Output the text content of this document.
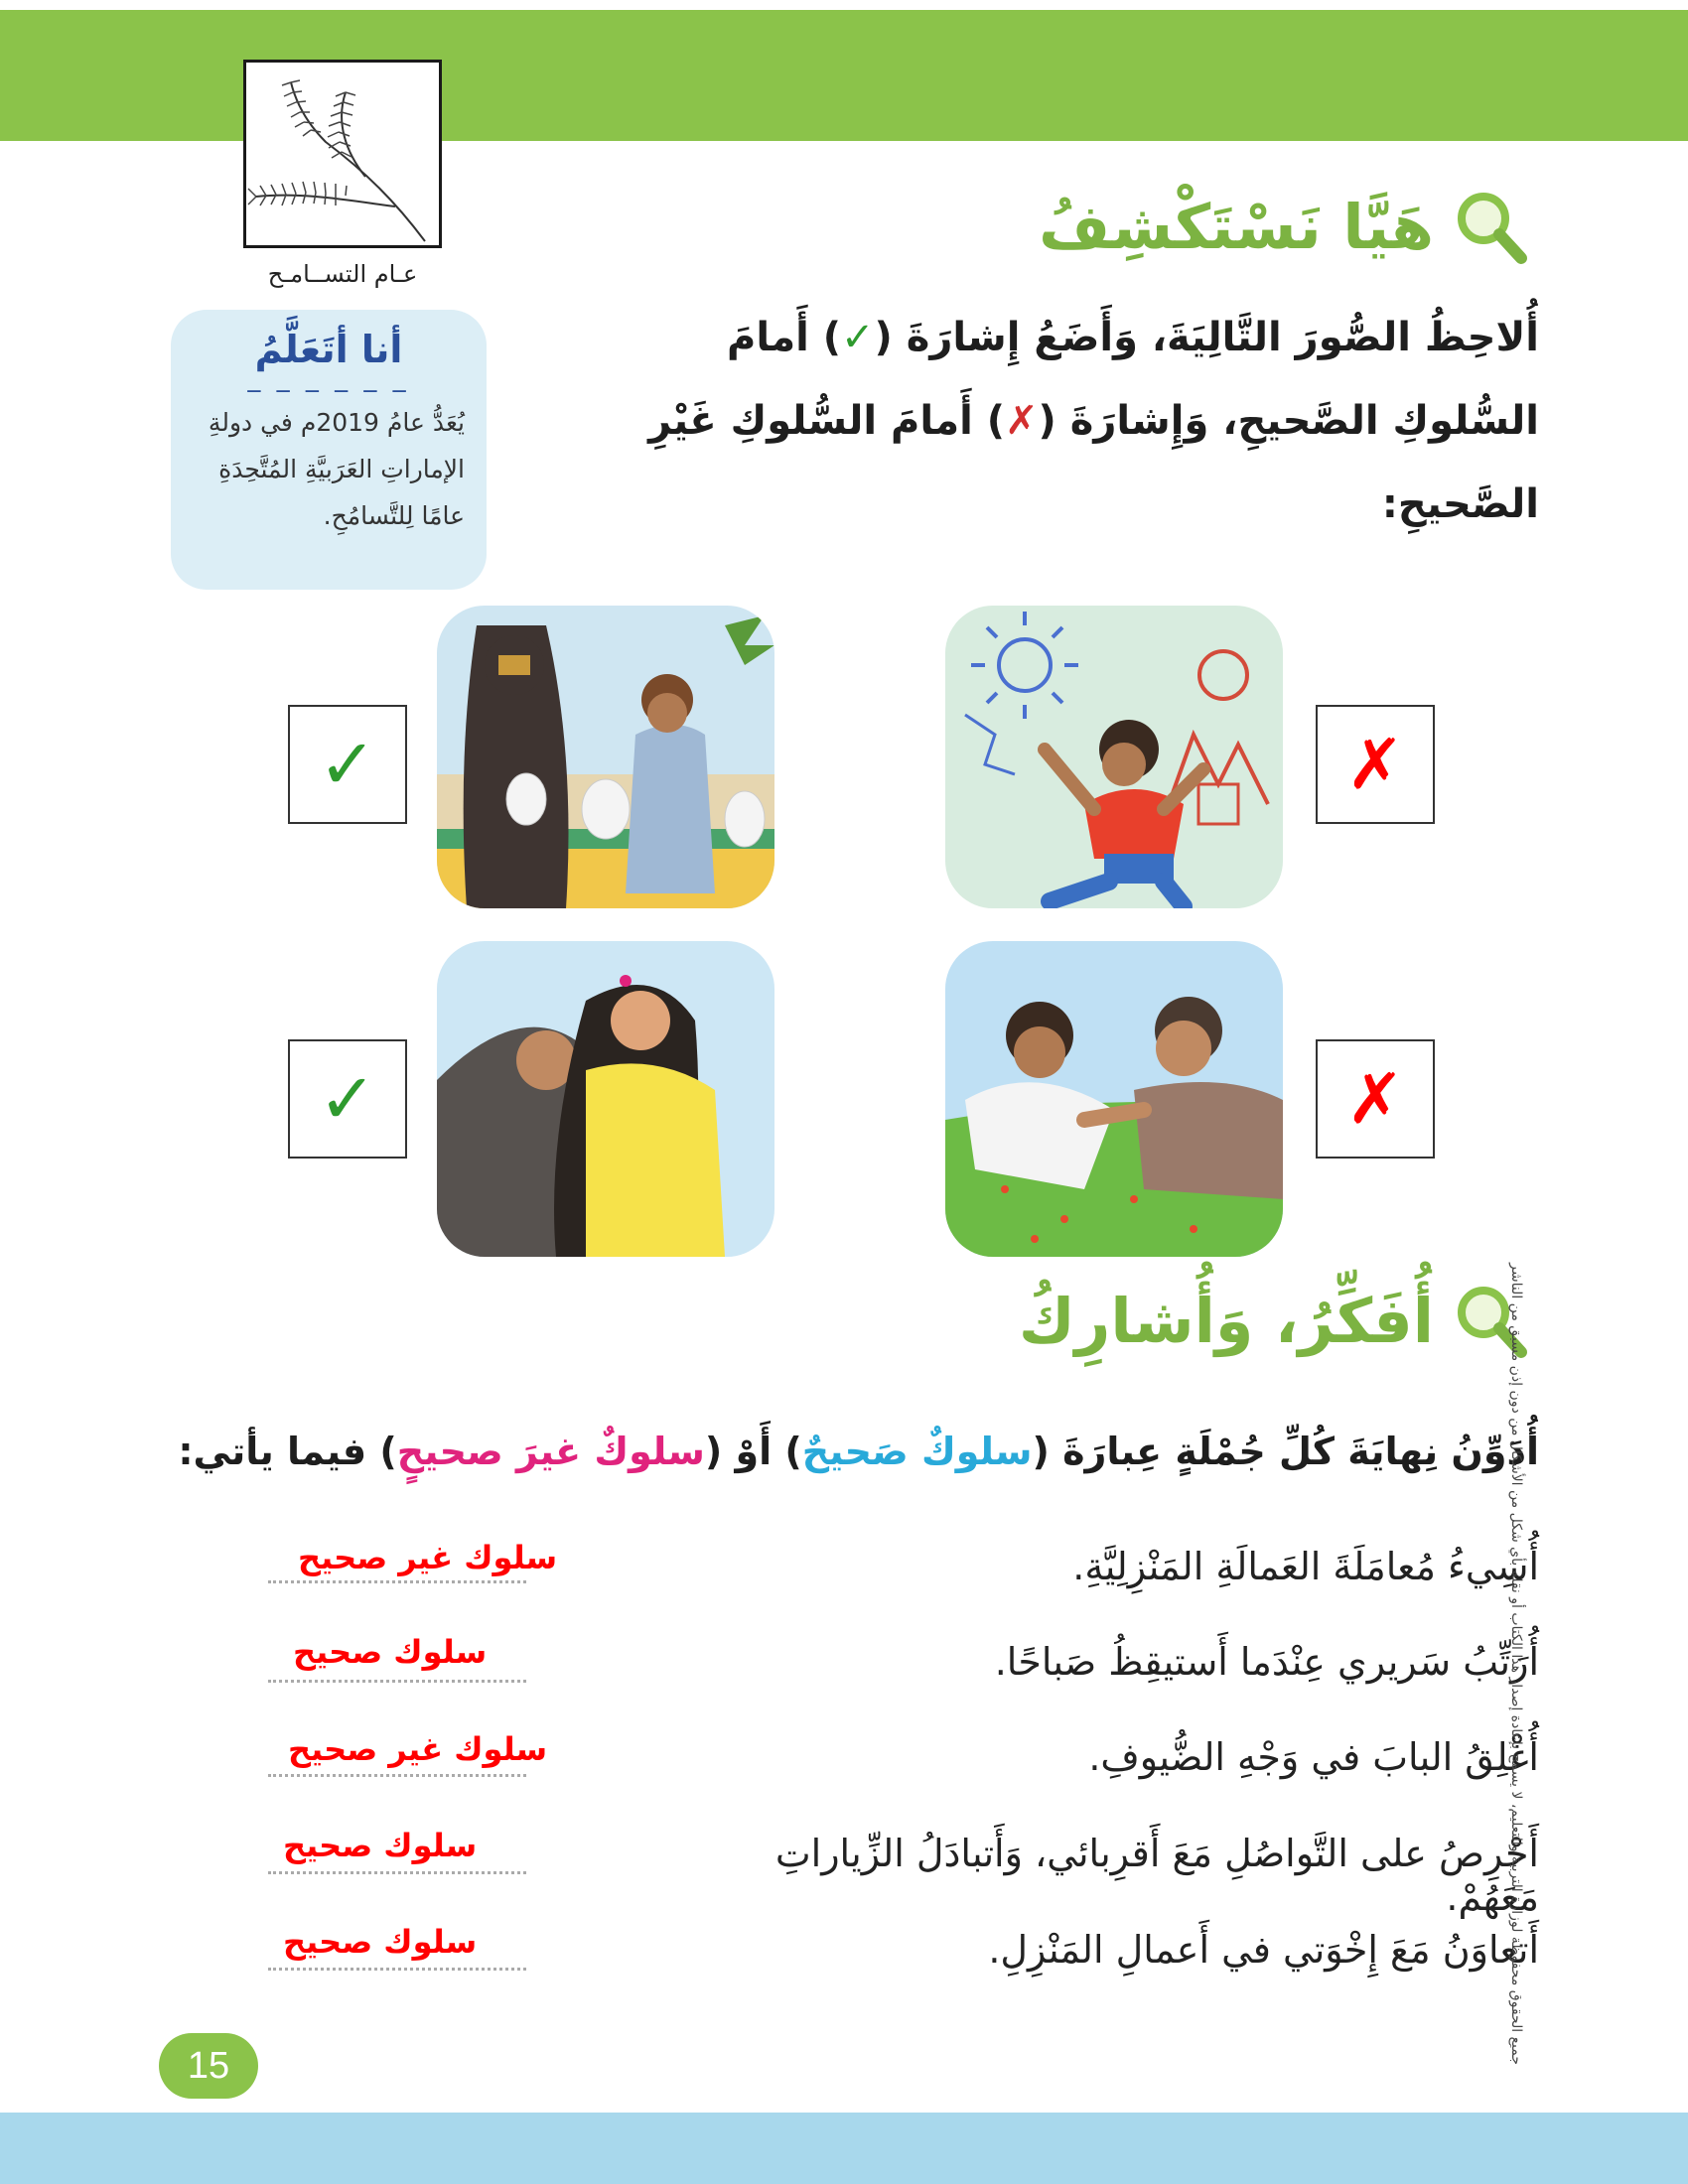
عـام التســامـح
أنا أتَعَلَّمُ
_ _ _ _ _ _
يُعَدُّ عامُ 2019م في دولةِ
الإماراتِ العَرَبيَّةِ المُتَّحِدَةِ
عامًا لِلتَّسامُحِ.
هَيَّا نَسْتَكْشِفُ
أُلاحِظُ الصُّورَ التَّالِيَةَ، وَأَضَعُ إِشارَةَ (✓) أَمامَ السُّلوكِ الصَّحيحِ، وَإِشارَةَ (✗) أَمامَ السُّلوكِ غَيْرِ الصَّحيحِ:
✗
✓
✗
✓
أُفَكِّرُ، وَأُشارِكُ
أُدَوِّنُ نِهايَةَ كُلِّ جُمْلَةٍ عِبارَةَ (سلوكٌ صَحيحٌ) أَوْ (سلوكٌ غيرَ صحيحٍ) فيما يأتي:
أُسِيءُ مُعامَلَةَ العَمالَةِ المَنْزِلِيَّةِ.
سلوك غير صحيح
أُرَتِّبُ سَريري عِنْدَما أَستيقِظُ صَباحًا.
سلوك صحيح
أُغْلِقُ البابَ في وَجْهِ الضُّيوفِ.
سلوك غير صحيح
أَحْرِصُ على التَّواصُلِ مَعَ أَقرِبائي، وَأَتبادَلُ الزِّياراتِ مَعَهُمْ.
سلوك صحيح
أَتعاوَنُ مَعَ إِخْوَتي في أَعمالِ المَنْزِلِ.
سلوك صحيح
15
جميع الحقوق محفوظة لوزارة التربية والتعليم، لا يسمح بإعادة إصدار هذا الكتاب أو نقله بأي شكل من الأشكال من دون إذن مسبق من الناشر
